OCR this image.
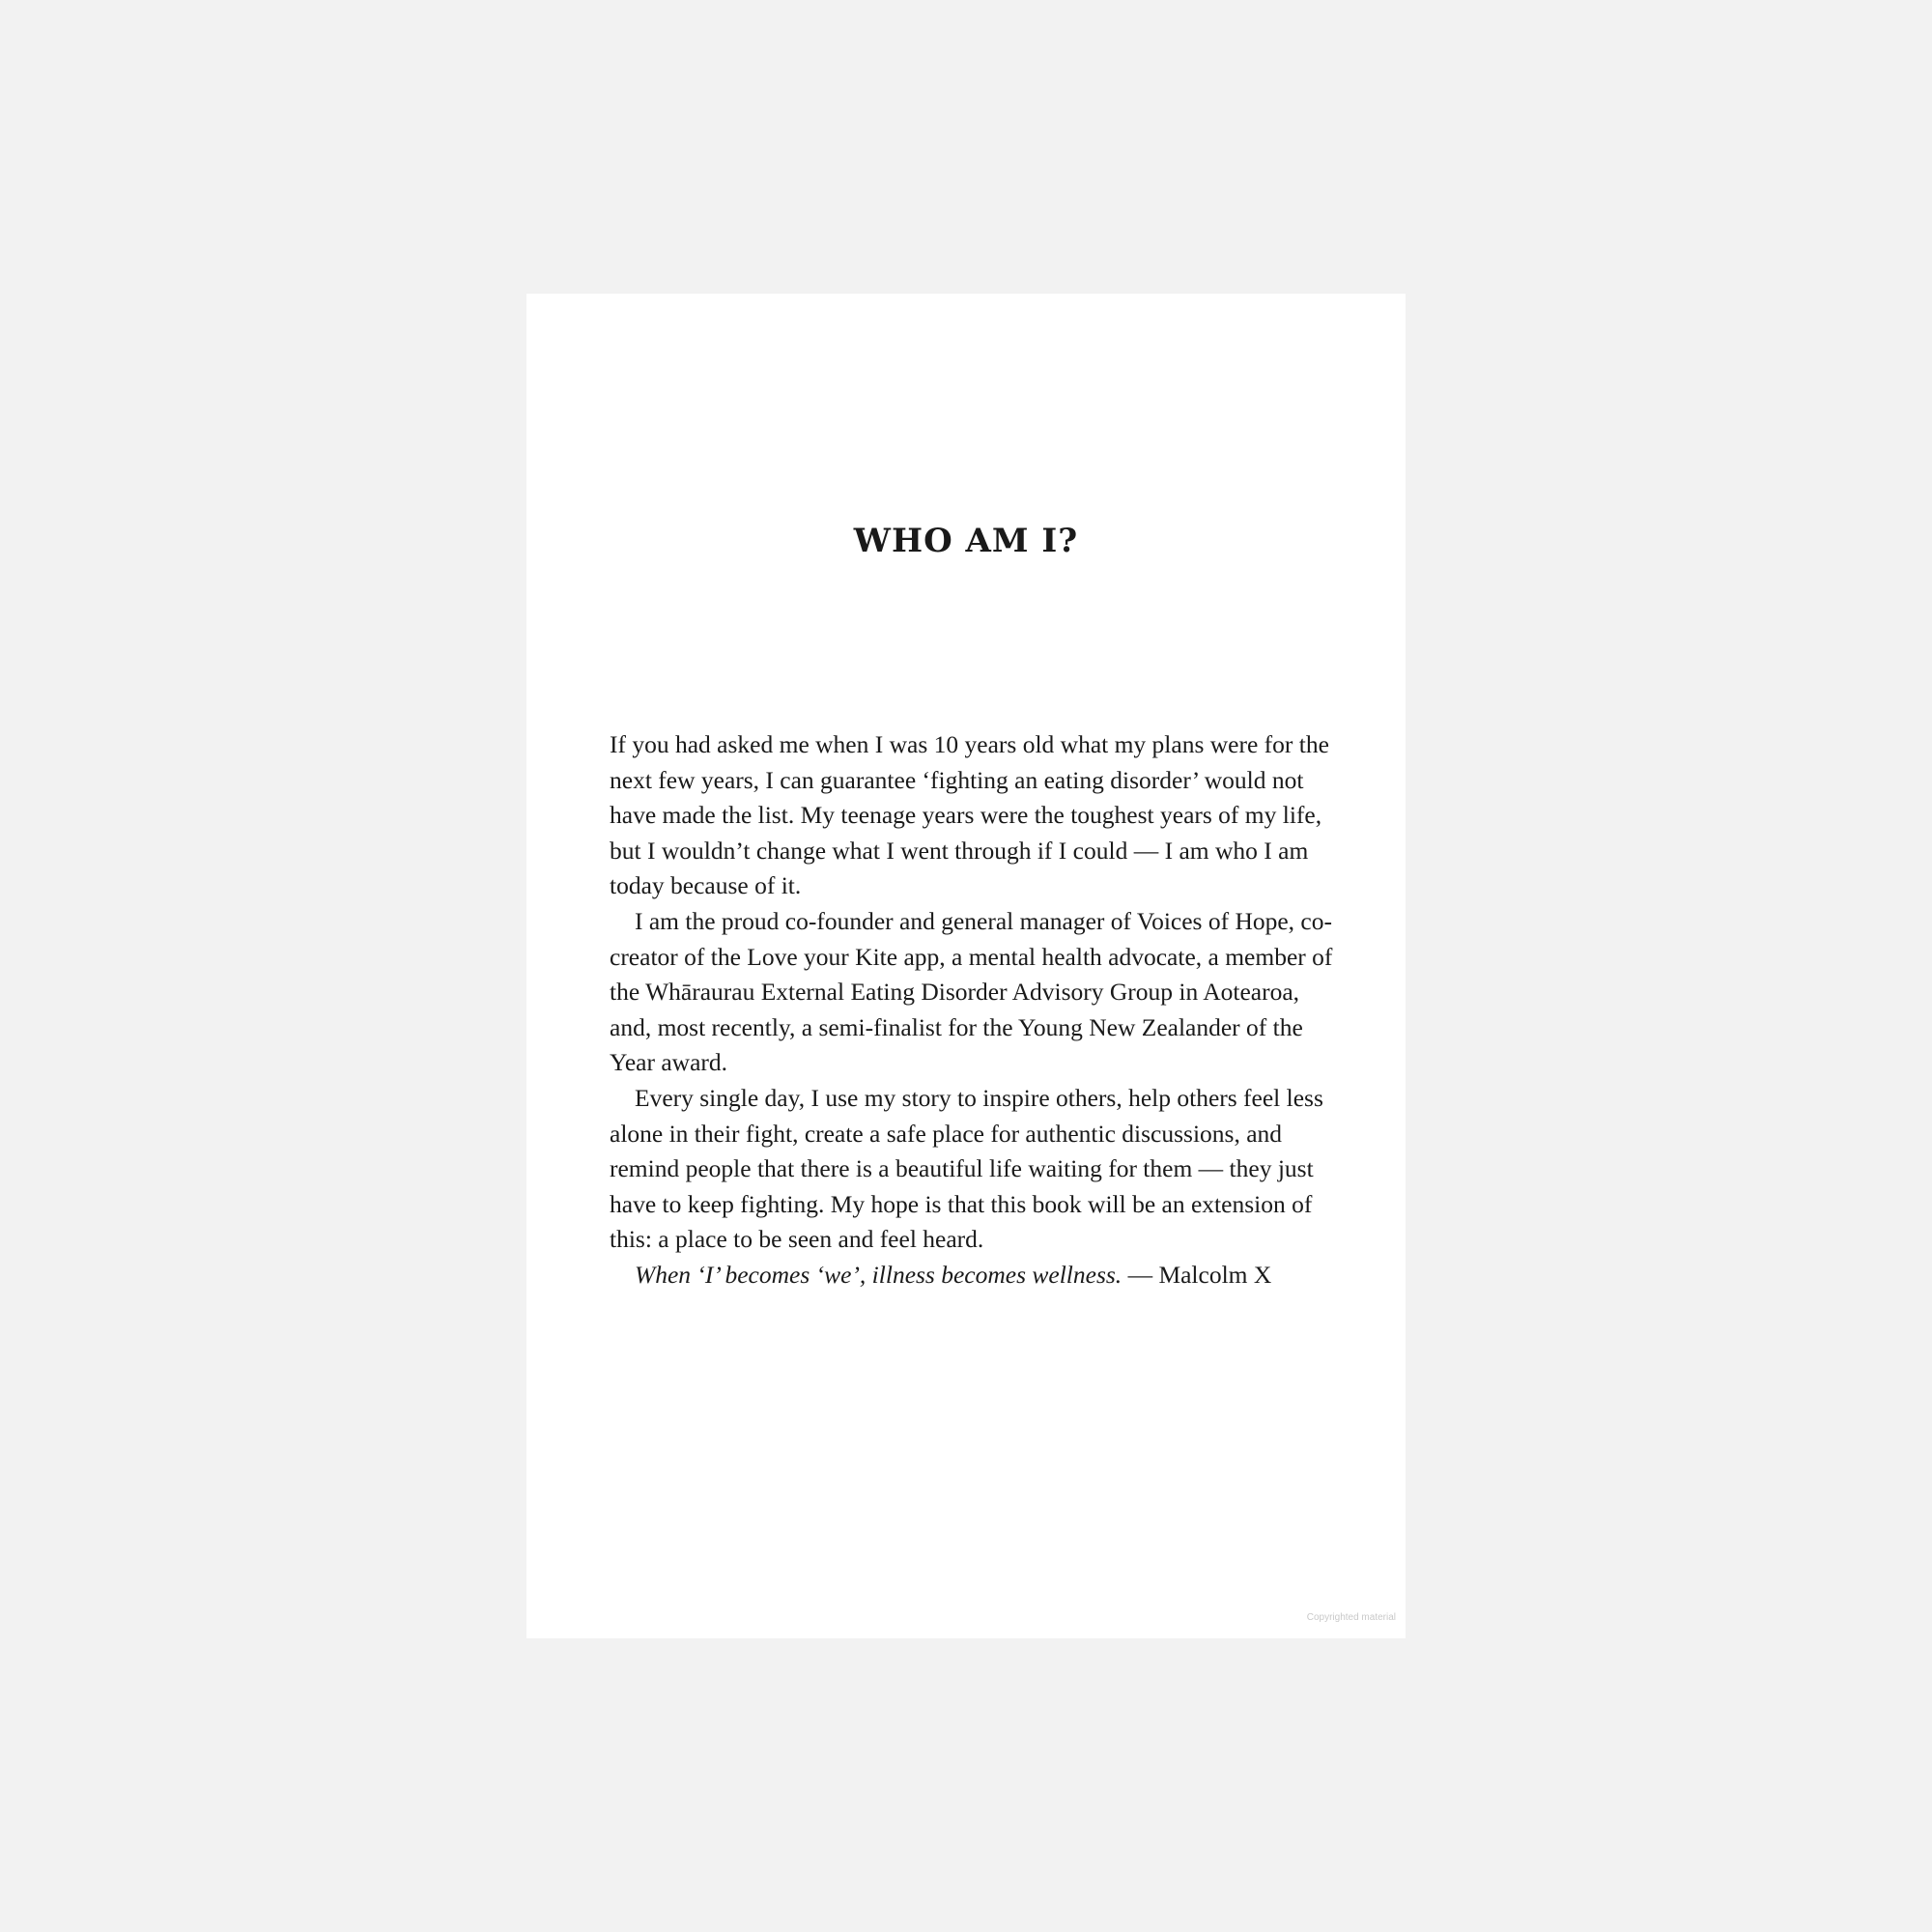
WHO AM I?

If you had asked me when I was 10 years old what my plans were for the next few years, I can guarantee ‘fighting an eating disorder’ would not have made the list. My teenage years were the toughest years of my life, but I wouldn’t change what I went through if I could — I am who I am today because of it.

I am the proud co-founder and general manager of Voices of Hope, co-creator of the Love your Kite app, a mental health advocate, a member of the Whāraurau External Eating Disorder Advisory Group in Aotearoa, and, most recently, a semi-finalist for the Young New Zealander of the Year award.

Every single day, I use my story to inspire others, help others feel less alone in their fight, create a safe place for authentic discussions, and remind people that there is a beautiful life waiting for them — they just have to keep fighting. My hope is that this book will be an extension of this: a place to be seen and feel heard.

When ‘I’ becomes ‘we’, illness becomes wellness. — Malcolm X

Copyrighted material
